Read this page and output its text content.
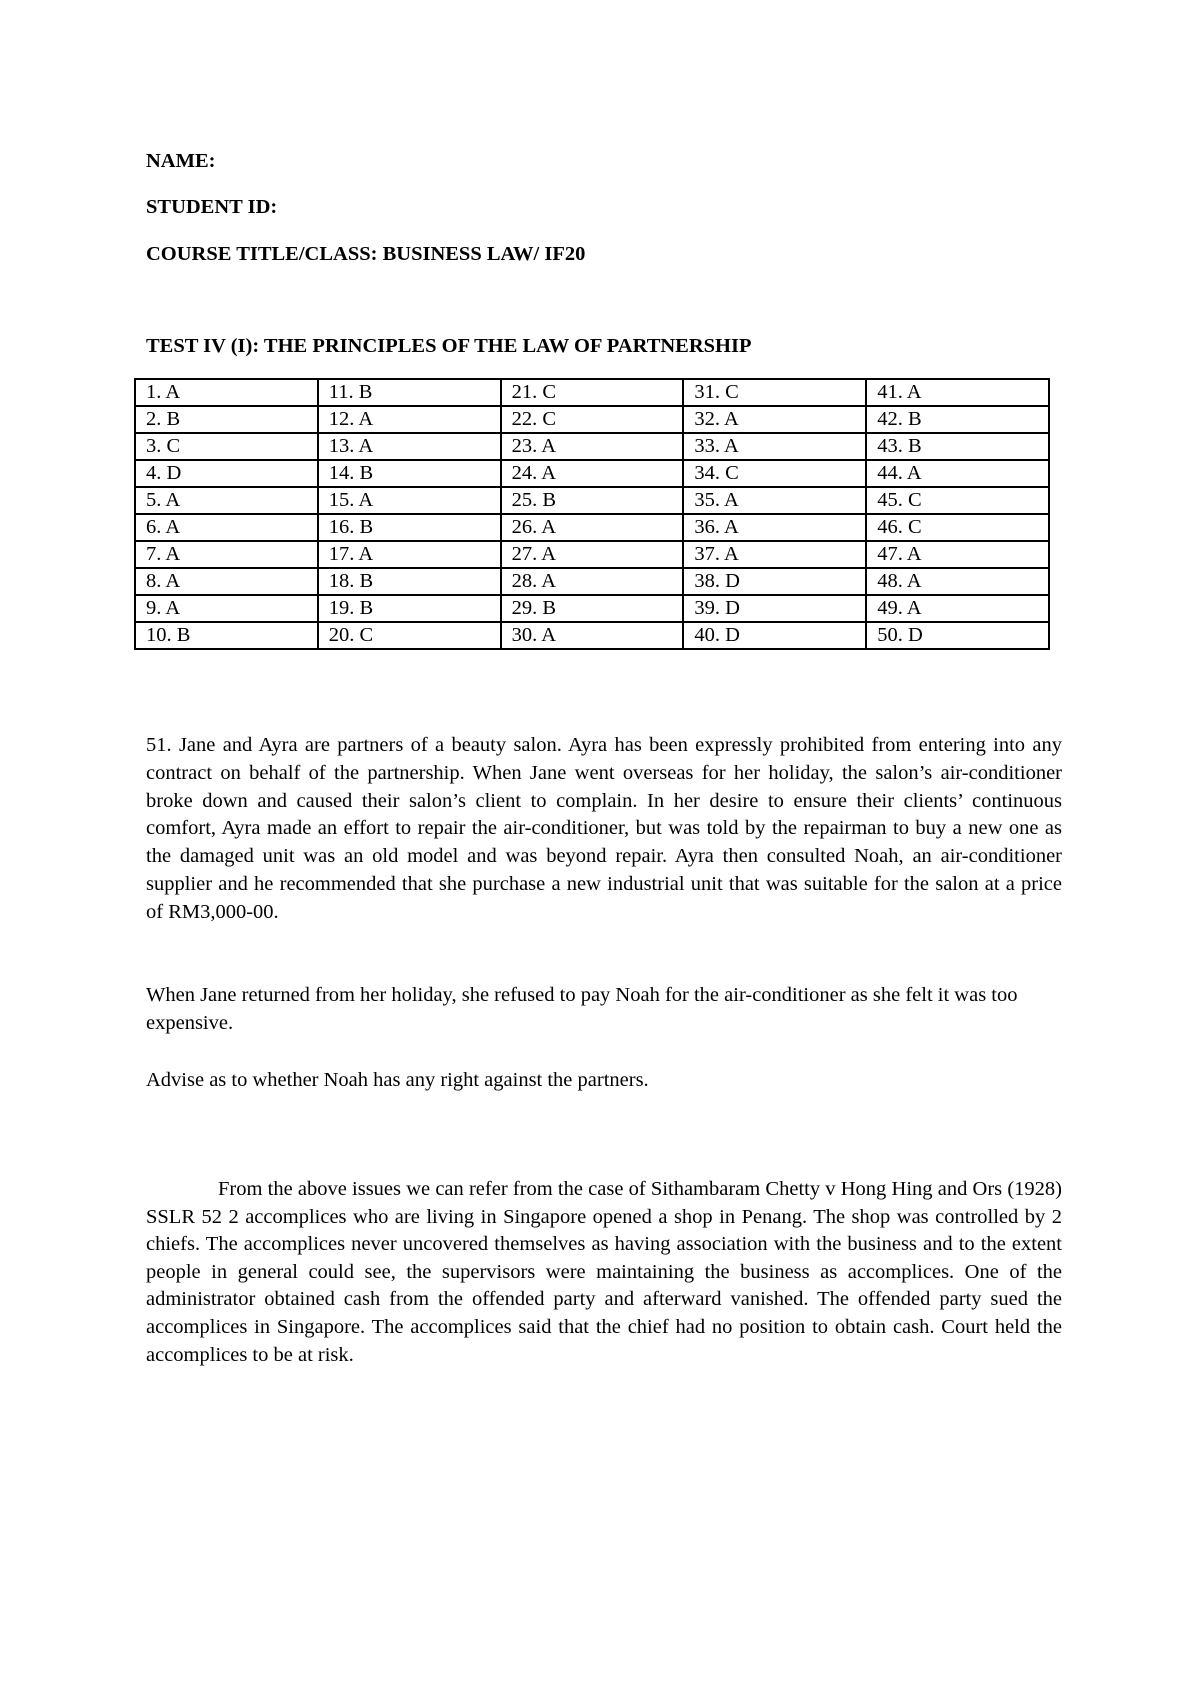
NAME:

STUDENT ID:

COURSE TITLE/CLASS: BUSINESS LAW/ IF20

TEST IV (I): THE PRINCIPLES OF THE LAW OF PARTNERSHIP

1. A	11. B	21. C	31. C	41. A
2. B	12. A	22. C	32. A	42. B
3. C	13. A	23. A	33. A	43. B
4. D	14. B	24. A	34. C	44. A
5. A	15. A	25. B	35. A	45. C
6. A	16. B	26. A	36. A	46. C
7. A	17. A	27. A	37. A	47. A
8. A	18. B	28. A	38. D	48. A
9. A	19. B	29. B	39. D	49. A
10. B	20. C	30. A	40. D	50. D

51. Jane and Ayra are partners of a beauty salon. Ayra has been expressly prohibited from entering into any contract on behalf of the partnership. When Jane went overseas for her holiday, the salon’s air-conditioner broke down and caused their salon’s client to complain. In her desire to ensure their clients’ continuous comfort, Ayra made an effort to repair the air-conditioner, but was told by the repairman to buy a new one as the damaged unit was an old model and was beyond repair. Ayra then consulted Noah, an air-conditioner supplier and he recommended that she purchase a new industrial unit that was suitable for the salon at a price of RM3,000-00.

When Jane returned from her holiday, she refused to pay Noah for the air-conditioner as she felt it was too expensive.

Advise as to whether Noah has any right against the partners.

From the above issues we can refer from the case of Sithambaram Chetty v Hong Hing and Ors (1928) SSLR 52 2 accomplices who are living in Singapore opened a shop in Penang. The shop was controlled by 2 chiefs. The accomplices never uncovered themselves as having association with the business and to the extent people in general could see, the supervisors were maintaining the business as accomplices. One of the administrator obtained cash from the offended party and afterward vanished. The offended party sued the accomplices in Singapore. The accomplices said that the chief had no position to obtain cash. Court held the accomplices to be at risk.
